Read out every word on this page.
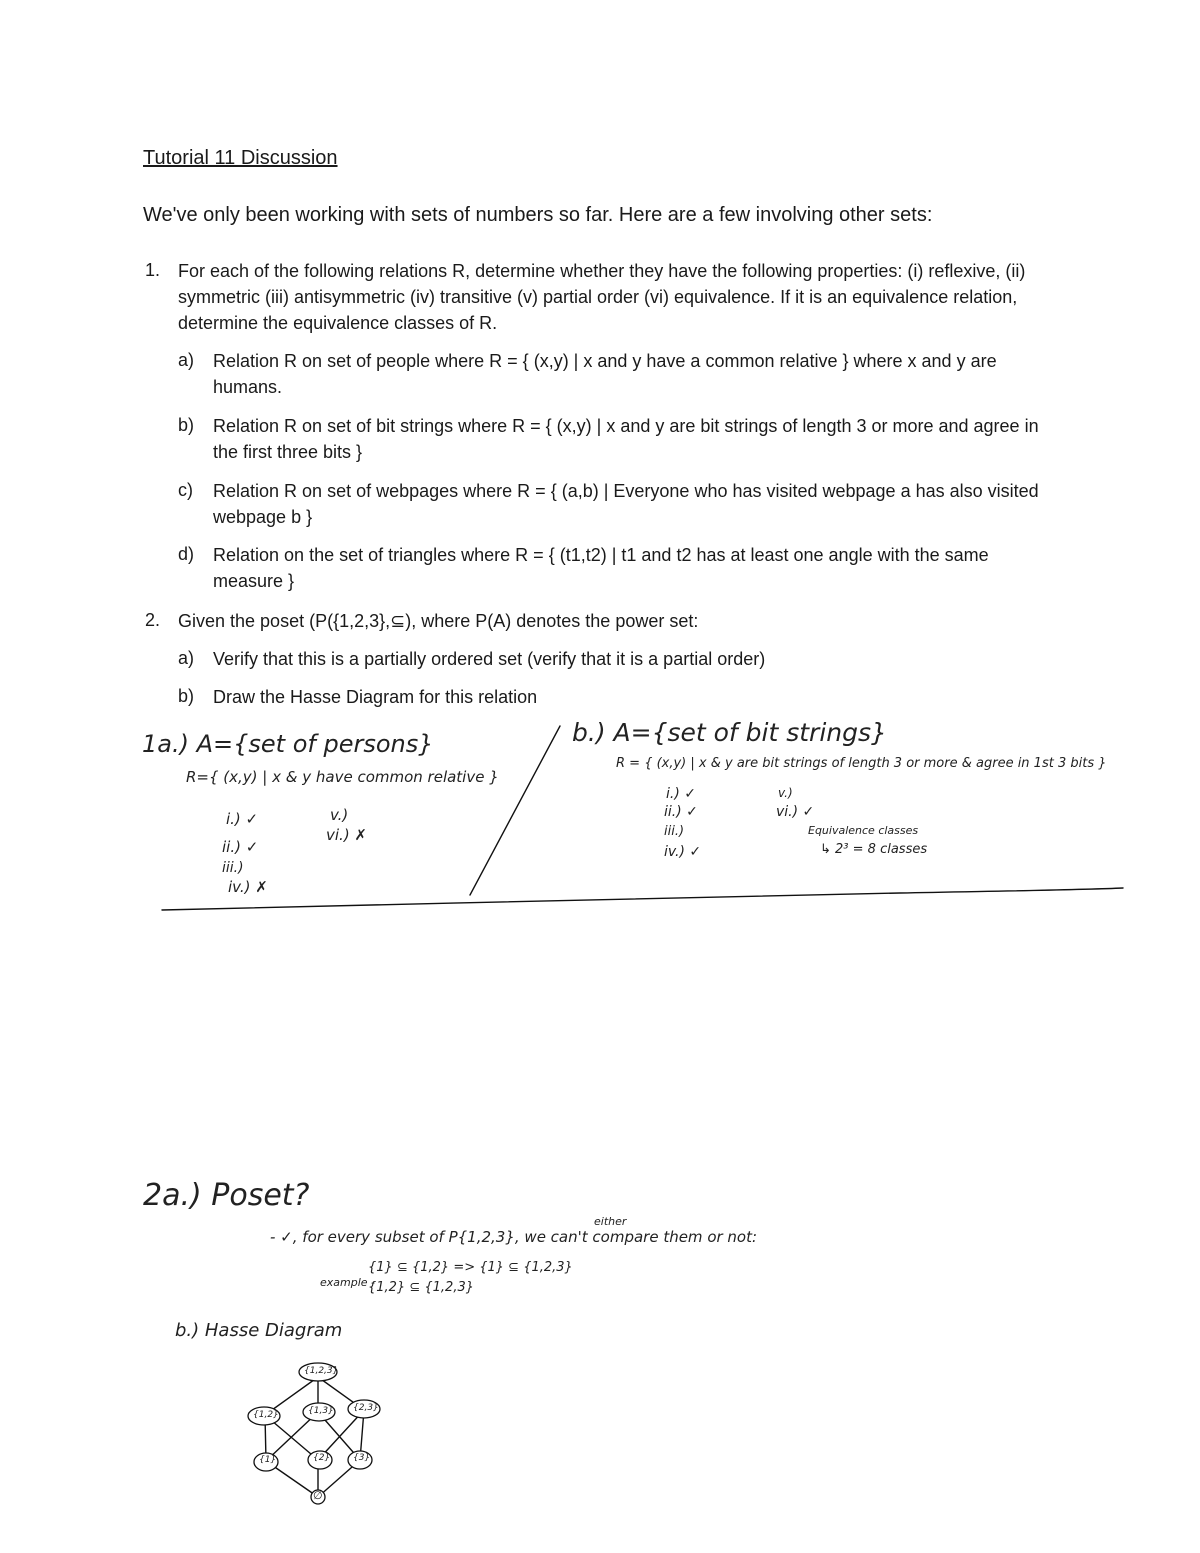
Tutorial 11 Discussion
We've only been working with sets of numbers so far. Here are a few involving other sets:
1. For each of the following relations R, determine whether they have the following properties: (i) reflexive, (ii) symmetric (iii) antisymmetric (iv) transitive (v) partial order (vi) equivalence. If it is an equivalence relation, determine the equivalence classes of R.
a) Relation R on set of people where R = { (x,y) | x and y have a common relative } where x and y are humans.
b) Relation R on set of bit strings where R = { (x,y) | x and y are bit strings of length 3 or more and agree in the first three bits }
c) Relation R on set of webpages where R = { (a,b) | Everyone who has visited webpage a has also visited webpage b }
d) Relation on the set of triangles where R = { (t1,t2) | t1 and t2 has at least one angle with the same measure }
2. Given the poset (P({1,2,3},⊆), where P(A) denotes the power set:
a) Verify that this is a partially ordered set (verify that it is a partial order)
b) Draw the Hasse Diagram for this relation
1a.) A={set of persons}
R={ (x,y) | x & y have common relative }
i.) ✓
ii.) ✓
iii.)
iv.) ✗
v.)
vi.) ✗
b.) A={set of bit strings}
R = { (x,y) | x & y are bit strings of length 3 or more & agree in 1st 3 bits }
i.) ✓
ii.) ✓
iii.)
iv.) ✓
v.)
vi.) ✓
Equivalence classes
↳ 2³ = 8 classes
2a.) Poset?
either
- ✓, for every subset of P{1,2,3}, we can't compare them or not:
example -
{1} ⊆ {1,2} => {1} ⊆ {1,2,3}
{1,2} ⊆ {1,2,3}
b.) Hasse Diagram
{1,2,3}
{1,2}	{1,3} {2,3}
{1}	{2}	{3}
∅
